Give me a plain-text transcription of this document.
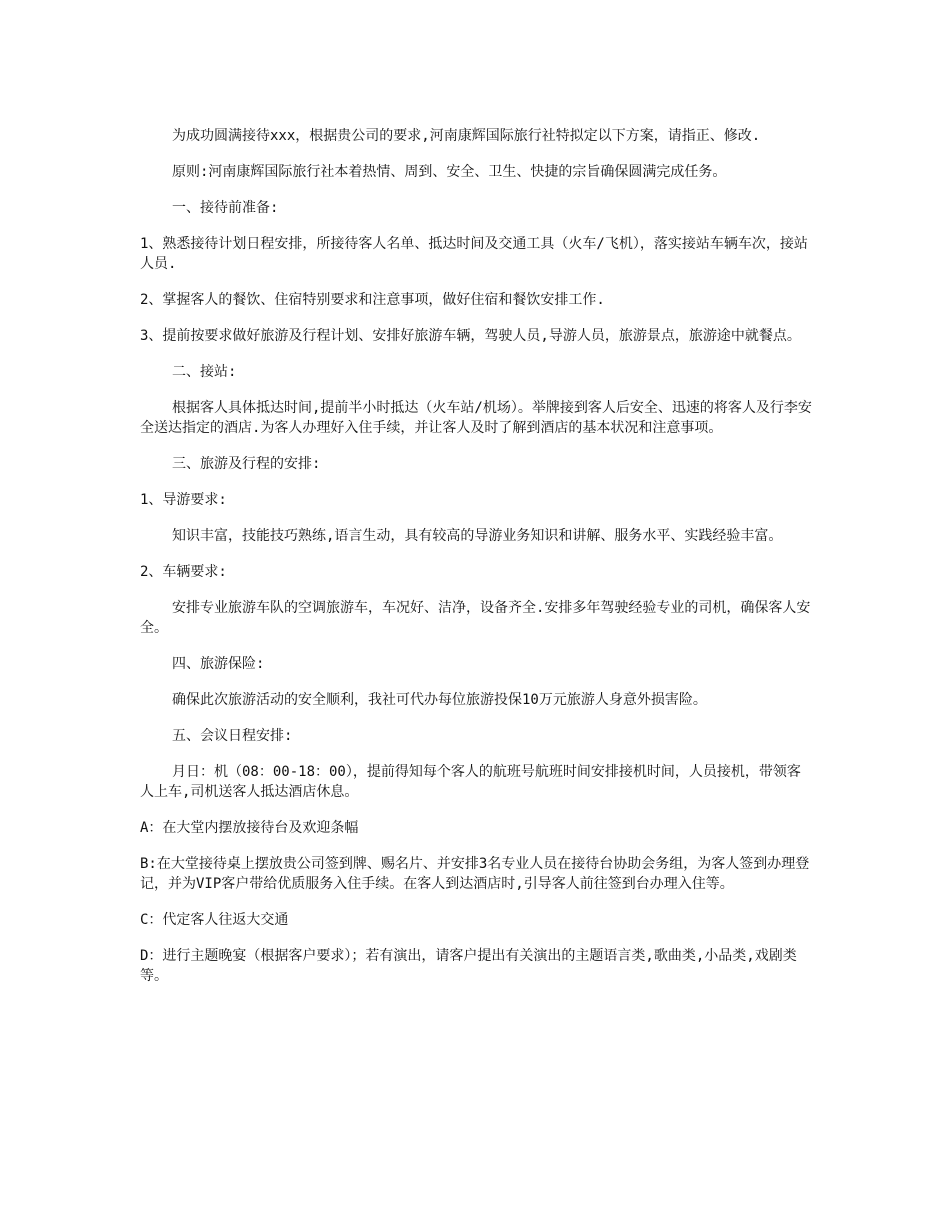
为成功圆满接待xxx，根据贵公司的要求,河南康辉国际旅行社特拟定以下方案，请指正、修改.

原则:河南康辉国际旅行社本着热情、周到、安全、卫生、快捷的宗旨确保圆满完成任务。

一、接待前准备:

1、熟悉接待计划日程安排，所接待客人名单、抵达时间及交通工具（火车/飞机），落实接站车辆车次，接站人员.

2、掌握客人的餐饮、住宿特别要求和注意事项，做好住宿和餐饮安排工作.

3、提前按要求做好旅游及行程计划、安排好旅游车辆，驾驶人员,导游人员，旅游景点，旅游途中就餐点。

二、接站:

根据客人具体抵达时间,提前半小时抵达（火车站/机场）。举牌接到客人后安全、迅速的将客人及行李安全送达指定的酒店.为客人办理好入住手续，并让客人及时了解到酒店的基本状况和注意事项。

三、旅游及行程的安排:

1、导游要求:

知识丰富，技能技巧熟练,语言生动，具有较高的导游业务知识和讲解、服务水平、实践经验丰富。

2、车辆要求:

安排专业旅游车队的空调旅游车，车况好、洁净，设备齐全.安排多年驾驶经验专业的司机，确保客人安全。

四、旅游保险:

确保此次旅游活动的安全顺利，我社可代办每位旅游投保10万元旅游人身意外损害险。

五、会议日程安排:

月日：机（08：00-18：00），提前得知每个客人的航班号航班时间安排接机时间，人员接机，带领客人上车,司机送客人抵达酒店休息。

A：在大堂内摆放接待台及欢迎条幅

B:在大堂接待桌上摆放贵公司签到牌、赐名片、并安排3名专业人员在接待台协助会务组，为客人签到办理登记，并为VIP客户带给优质服务入住手续。在客人到达酒店时,引导客人前往签到台办理入住等。

C：代定客人往返大交通

D：进行主题晚宴（根据客户要求）；若有演出，请客户提出有关演出的主题语言类,歌曲类,小品类,戏剧类等。
